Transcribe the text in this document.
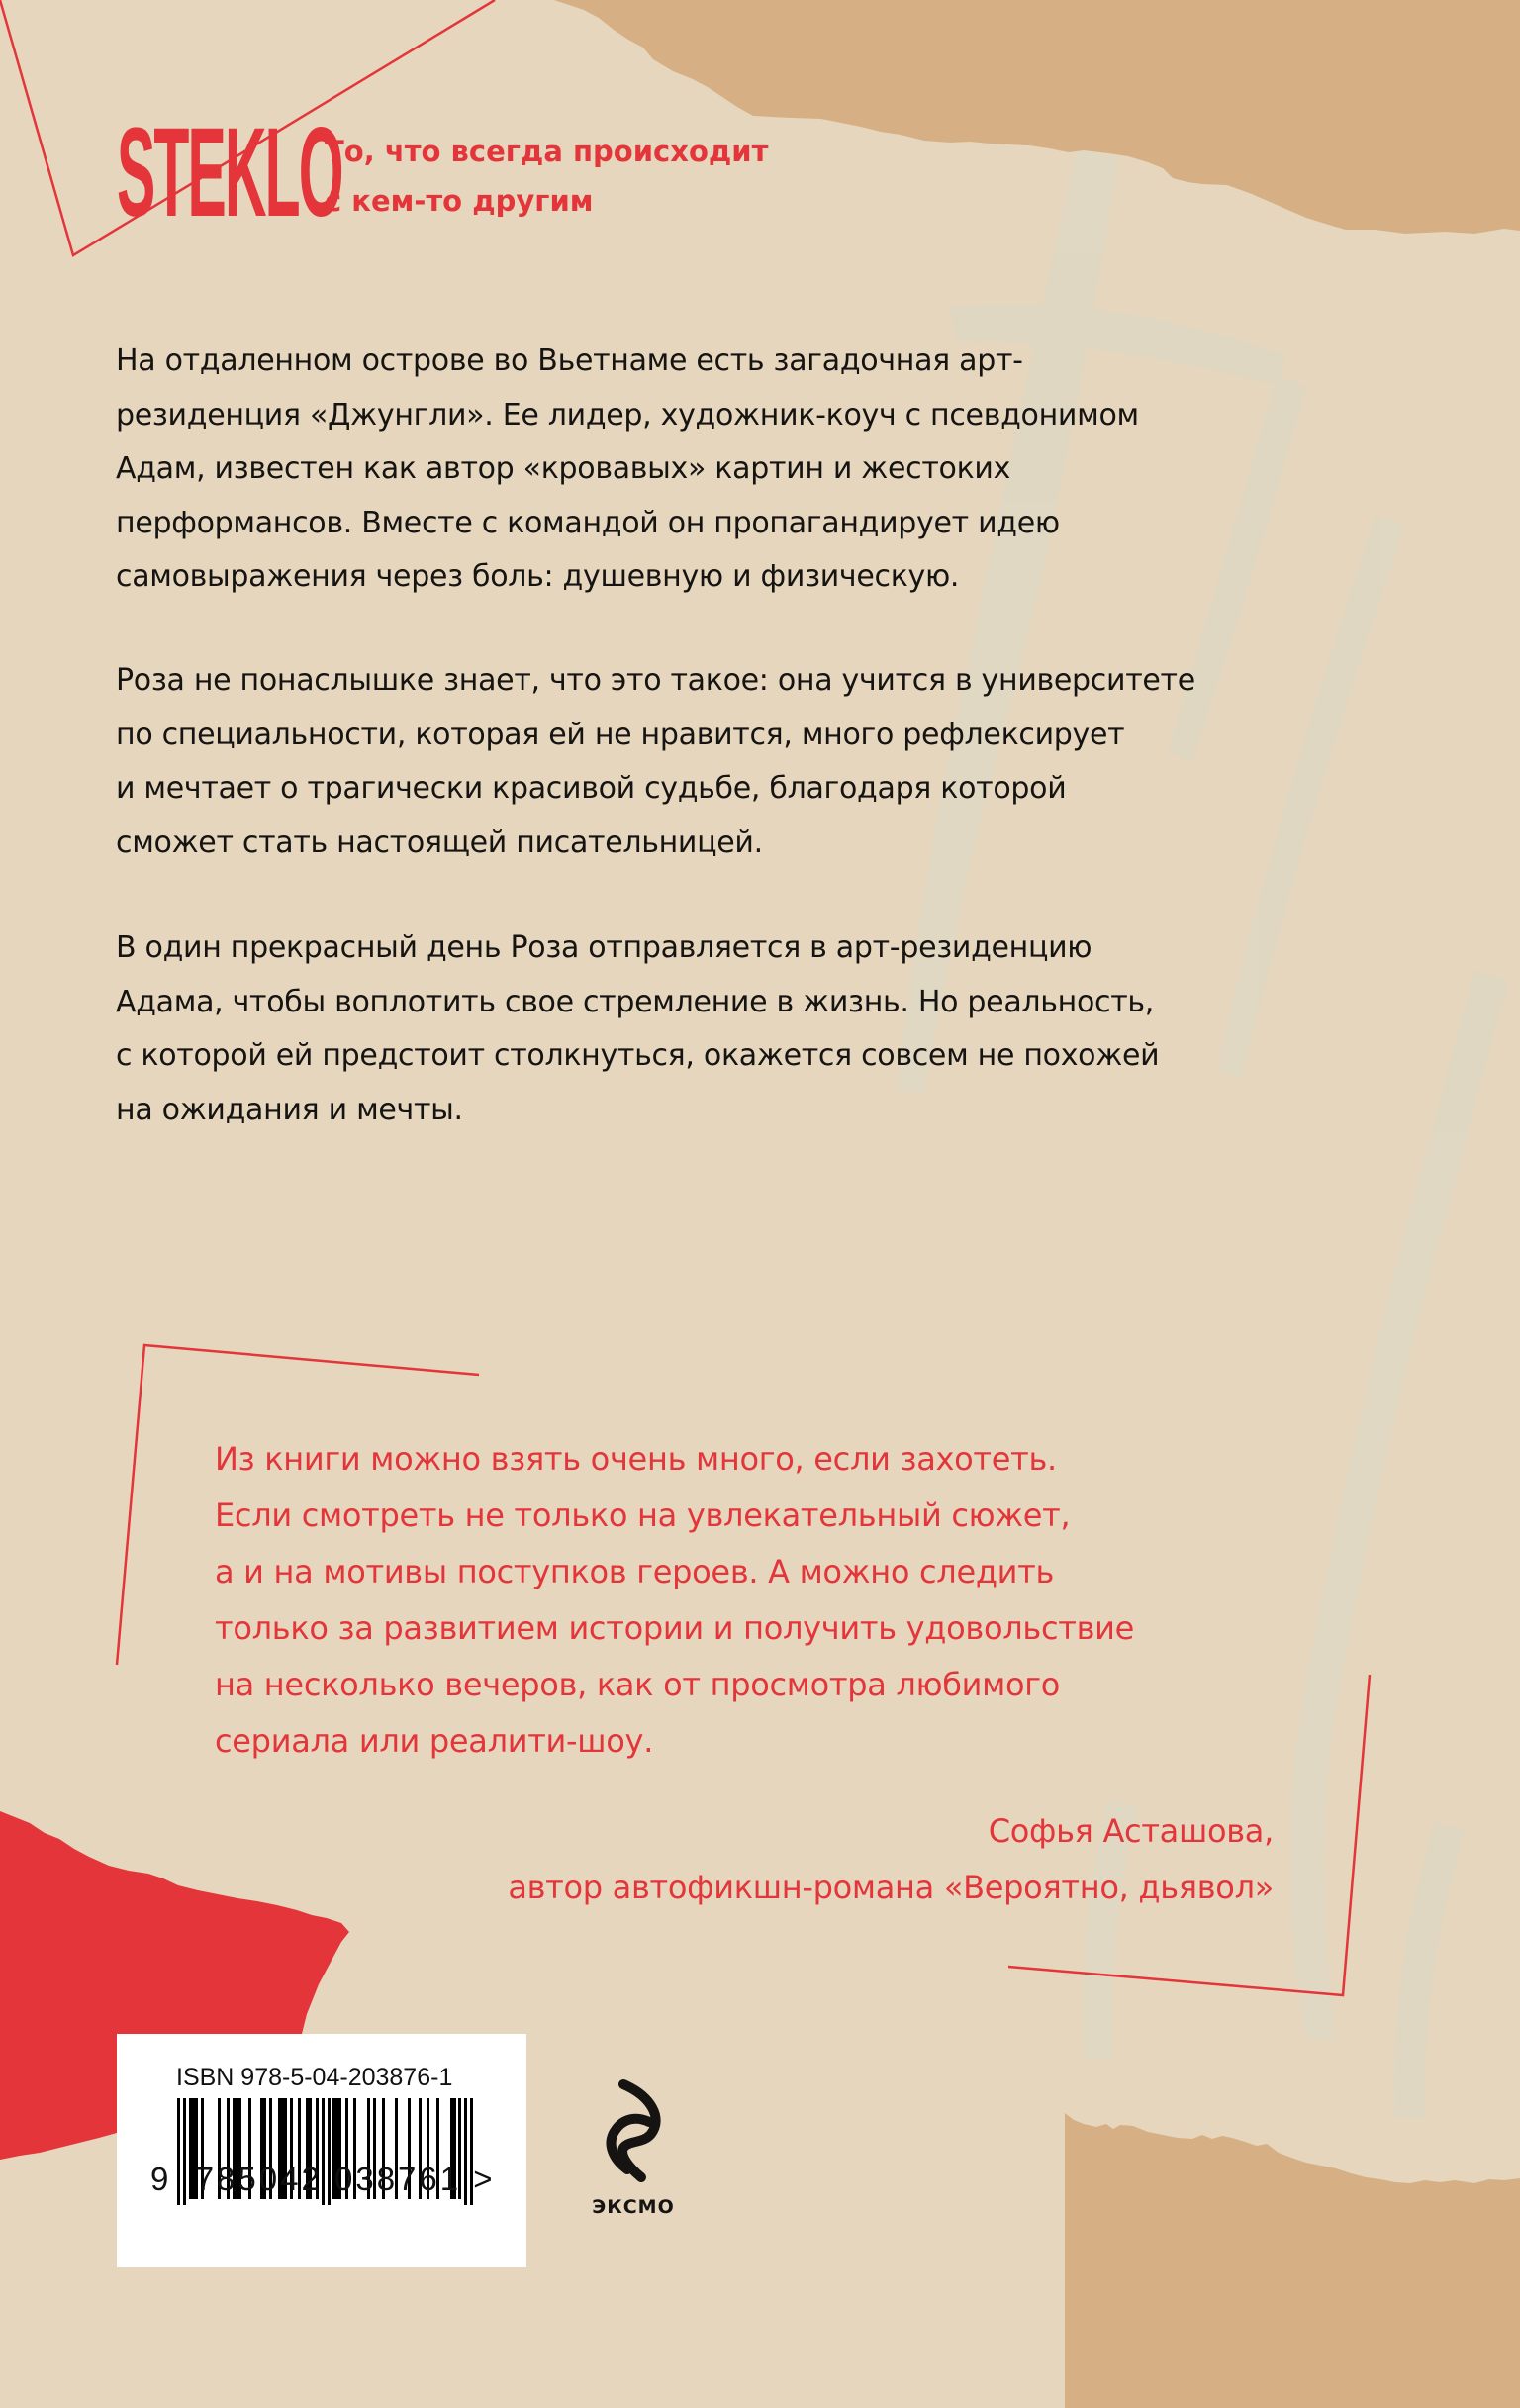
STEKLO
То, что всегда происходит
с кем-то другим
На отдаленном острове во Вьетнаме есть загадочная арт-
резиденция «Джунгли». Ее лидер, художник-коуч с псевдонимом
Адам, известен как автор «кровавых» картин и жестоких
перформансов. Вместе с командой он пропагандирует идею
самовыражения через боль: душевную и физическую.
Роза не понаслышке знает, что это такое: она учится в университете
по специальности, которая ей не нравится, много рефлексирует
и мечтает о трагически красивой судьбе, благодаря которой
сможет стать настоящей писательницей.
В один прекрасный день Роза отправляется в арт-резиденцию
Адама, чтобы воплотить свое стремление в жизнь. Но реальность,
с которой ей предстоит столкнуться, окажется совсем не похожей
на ожидания и мечты.
Из книги можно взять очень много, если захотеть.
Если смотреть не только на увлекательный сюжет,
а и на мотивы поступков героев. А можно следить
только за развитием истории и получить удовольствие
на несколько вечеров, как от просмотра любимого
сериала или реалити-шоу.
Софья Асташова,
автор автофикшн-романа «Вероятно, дьявол»
ISBN 978-5-04-203876-1
9 785042 038761 >
ЭКСМО
